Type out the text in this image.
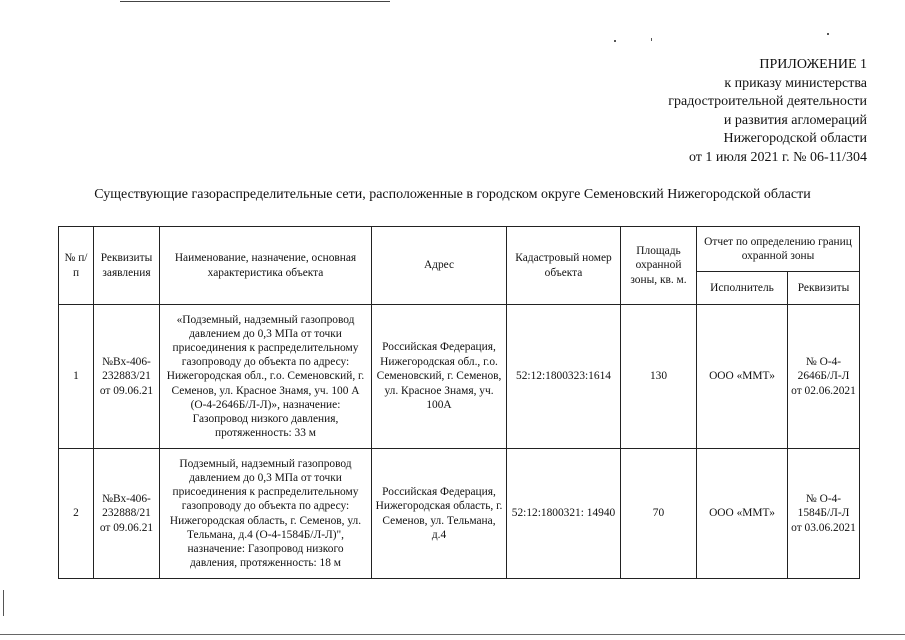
ПРИЛОЖЕНИЕ 1
к приказу министерства
градостроительной деятельности
и развития агломераций
Нижегородской области
от 1 июля 2021 г. № 06-11/304
Существующие газораспределительные сети, расположенные в городском округе Семеновский Нижегородской области
№ п/п	Реквизиты заявления	Наименование, назначение, основная характеристика объекта	Адрес	Кадастровый номер объекта	Площадь охранной зоны, кв. м.	Отчет по определению границ охранной зоны	
						Исполнитель	Реквизиты
1	№Вх-406-232883/21 от 09.06.21	«Подземный, надземный газопровод давлением до 0,3 МПа от точки присоединения к распределительному газопроводу до объекта по адресу: Нижегородская обл., г.о. Семеновский, г. Семенов, ул. Красное Знамя, уч. 100 А (О-4-2646Б/Л-Л)», назначение: Газопровод низкого давления, протяженность: 33 м	Российская Федерация, Нижегородская обл., г.о. Семеновский, г. Семенов, ул. Красное Знамя, уч. 100А	52:12:1800323:1614	130	ООО «ММТ»	№ О-4-2646Б/Л-Л от 02.06.2021
2	№Вх-406-232888/21 от 09.06.21	Подземный, надземный газопровод давлением до 0,3 МПа от точки присоединения к распределительному газопроводу до объекта по адресу: Нижегородская область, г. Семенов, ул. Тельмана, д.4 (О-4-1584Б/Л-Л)", назначение: Газопровод низкого давления, протяженность: 18 м	Российская Федерация, Нижегородская область, г. Семенов, ул. Тельмана, д.4	52:12:1800321: 14940	70	ООО «ММТ»	№ О-4-1584Б/Л-Л от 03.06.2021
